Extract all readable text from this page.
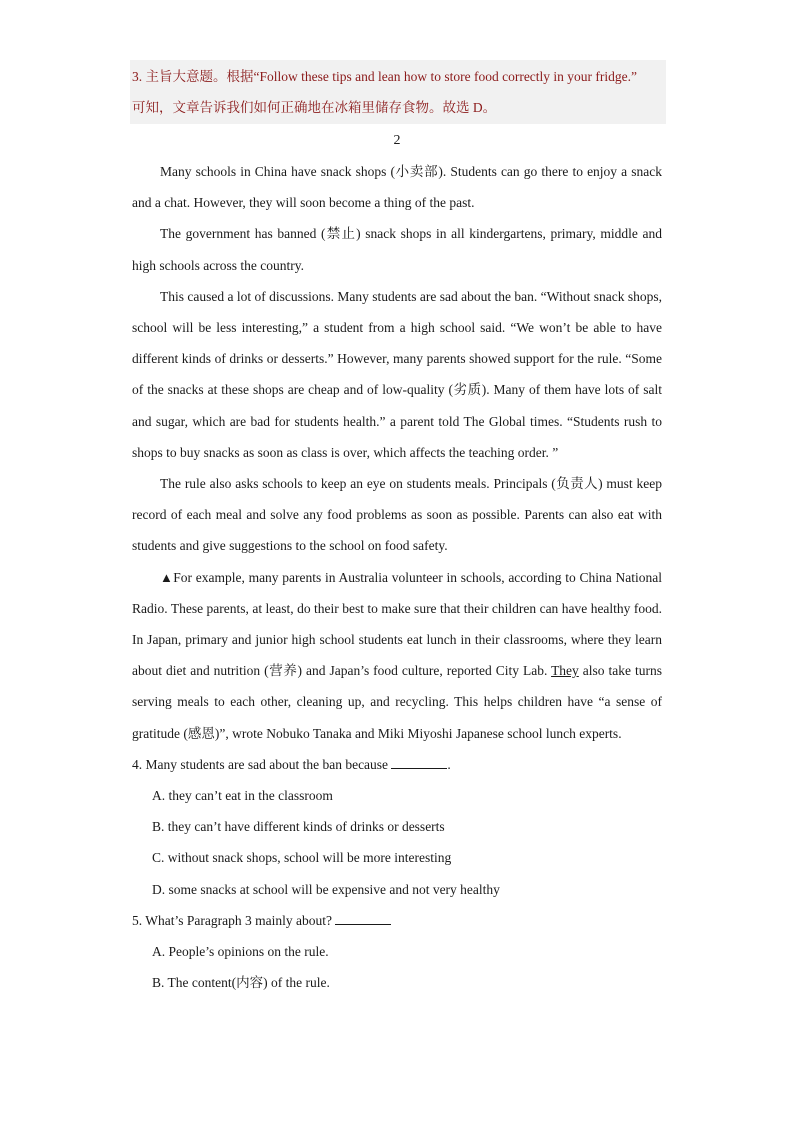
3. 主旨大意题。根据“Follow these tips and lean how to store food correctly in your fridge.”

可知，文章告诉我们如何正确地在冰箱里储存食物。故选 D。

2

Many schools in China have snack shops (小卖部). Students can go there to enjoy a snack and a chat. However, they will soon become a thing of the past.

The government has banned (禁止) snack shops in all kindergartens, primary, middle and high schools across the country.

This caused a lot of discussions. Many students are sad about the ban. “Without snack shops, school will be less interesting,” a student from a high school said. “We won’t be able to have different kinds of drinks or desserts.” However, many parents showed support for the rule. “Some of the snacks at these shops are cheap and of low-quality (劣质). Many of them have lots of salt and sugar, which are bad for students health.” a parent told The Global times. “Students rush to shops to buy snacks as soon as class is over, which affects the teaching order. ”

The rule also asks schools to keep an eye on students meals. Principals (负责人) must keep record of each meal and solve any food problems as soon as possible. Parents can also eat with students and give suggestions to the school on food safety.

▲For example, many parents in Australia volunteer in schools, according to China National Radio. These parents, at least, do their best to make sure that their children can have healthy food. In Japan, primary and junior high school students eat lunch in their classrooms, where they learn about diet and nutrition (营养) and Japan’s food culture, reported City Lab. They also take turns serving meals to each other, cleaning up, and recycling. This helps children have “a sense of gratitude (感恩)”, wrote Nobuko Tanaka and Miki Miyoshi Japanese school lunch experts.

4. Many students are sad about the ban because	.

A. they can’t eat in the classroom

B. they can’t have different kinds of drinks or desserts

C. without snack shops, school will be more interesting

D. some snacks at school will be expensive and not very healthy

5. What’s Paragraph 3 mainly about?

A. People’s opinions on the rule.

B. The content(内容) of the rule.
